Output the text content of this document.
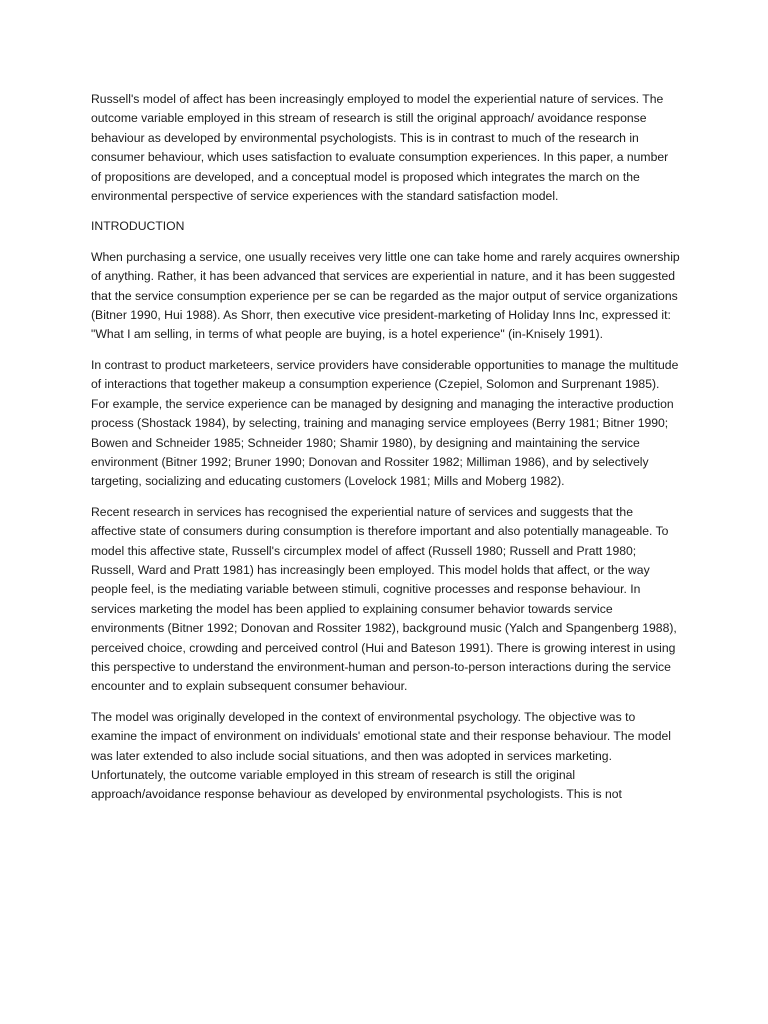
Russell's model of affect has been increasingly employed to model the experiential nature of services. The outcome variable employed in this stream of research is still the original approach/ avoidance response behaviour as developed by environmental psychologists. This is in contrast to much of the research in consumer behaviour, which uses satisfaction to evaluate consumption experiences. In this paper, a number of propositions are developed, and a conceptual model is proposed which integrates the march on the environmental perspective of service experiences with the standard satisfaction model.

INTRODUCTION

When purchasing a service, one usually receives very little one can take home and rarely acquires ownership of anything. Rather, it has been advanced that services are experiential in nature, and it has been suggested that the service consumption experience per se can be regarded as the major output of service organizations (Bitner 1990, Hui 1988). As Shorr, then executive vice president-marketing of Holiday Inns Inc, expressed it: "What I am selling, in terms of what people are buying, is a hotel experience" (in-Knisely 1991).

In contrast to product marketeers, service providers have considerable opportunities to manage the multitude of interactions that together makeup a consumption experience (Czepiel, Solomon and Surprenant 1985). For example, the service experience can be managed by designing and managing the interactive production process (Shostack 1984), by selecting, training and managing service employees (Berry 1981; Bitner 1990; Bowen and Schneider 1985; Schneider 1980; Shamir 1980), by designing and maintaining the service environment (Bitner 1992; Bruner 1990; Donovan and Rossiter 1982; Milliman 1986), and by selectively targeting, socializing and educating customers (Lovelock 1981; Mills and Moberg 1982).

Recent research in services has recognised the experiential nature of services and suggests that the affective state of consumers during consumption is therefore important and also potentially manageable. To model this affective state, Russell's circumplex model of affect (Russell 1980; Russell and Pratt 1980; Russell, Ward and Pratt 1981) has increasingly been employed. This model holds that affect, or the way people feel, is the mediating variable between stimuli, cognitive processes and response behaviour. In services marketing the model has been applied to explaining consumer behavior towards service environments (Bitner 1992; Donovan and Rossiter 1982), background music (Yalch and Spangenberg 1988), perceived choice, crowding and perceived control (Hui and Bateson 1991). There is growing interest in using this perspective to understand the environment-human and person-to-person interactions during the service encounter and to explain subsequent consumer behaviour.

The model was originally developed in the context of environmental psychology. The objective was to examine the impact of environment on individuals' emotional state and their response behaviour. The model was later extended to also include social situations, and then was adopted in services marketing. Unfortunately, the outcome variable employed in this stream of research is still the original approach/avoidance response behaviour as developed by environmental psychologists. This is not
